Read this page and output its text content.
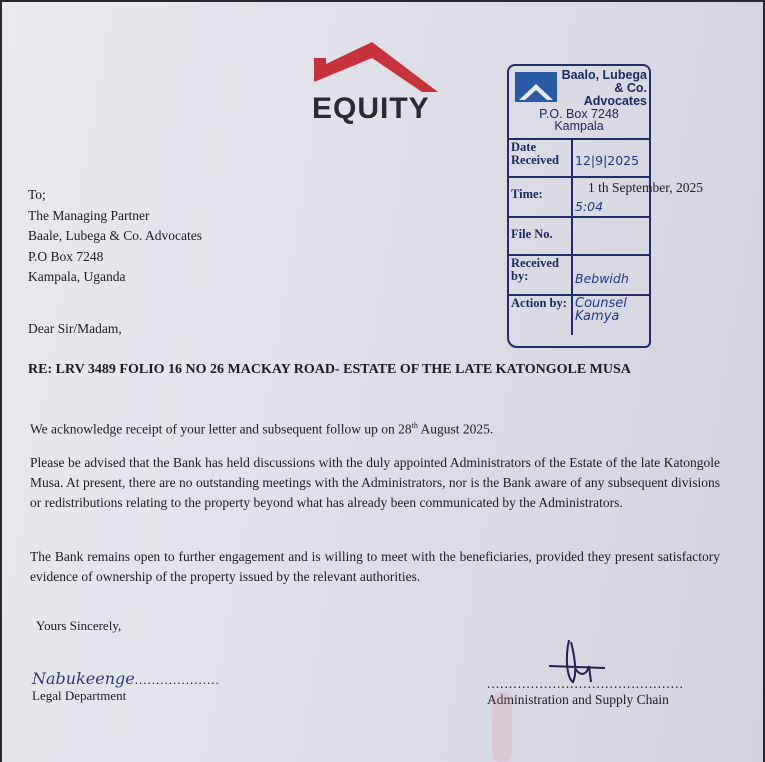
EQUITY
Baalo, Lubega
& Co. Advocates
P.O. Box 7248
Kampala
Date Received	12|9|2025
Time:	5:04
File No.	
Received by:	Bebwidh
Action by:	Counsel Kamya
1 th September, 2025
To;
The Managing Partner
Baale, Lubega & Co. Advocates
P.O Box 7248
Kampala, Uganda
Dear Sir/Madam,
RE: LRV 3489 FOLIO 16 NO 26 MACKAY ROAD- ESTATE OF THE LATE KATONGOLE MUSA
We acknowledge receipt of your letter and subsequent follow up on 28th August 2025.
Please be advised that the Bank has held discussions with the duly appointed Administrators of the Estate of the late Katongole Musa. At present, there are no outstanding meetings with the Administrators, nor is the Bank aware of any subsequent divisions or redistributions relating to the property beyond what has already been communicated by the Administrators.
The Bank remains open to further engagement and is willing to meet with the beneficiaries, provided they present satisfactory evidence of ownership of the property issued by the relevant authorities.
Yours Sincerely,
Nabukeenge....................
Legal Department
.............................................
Administration and Supply Chain
